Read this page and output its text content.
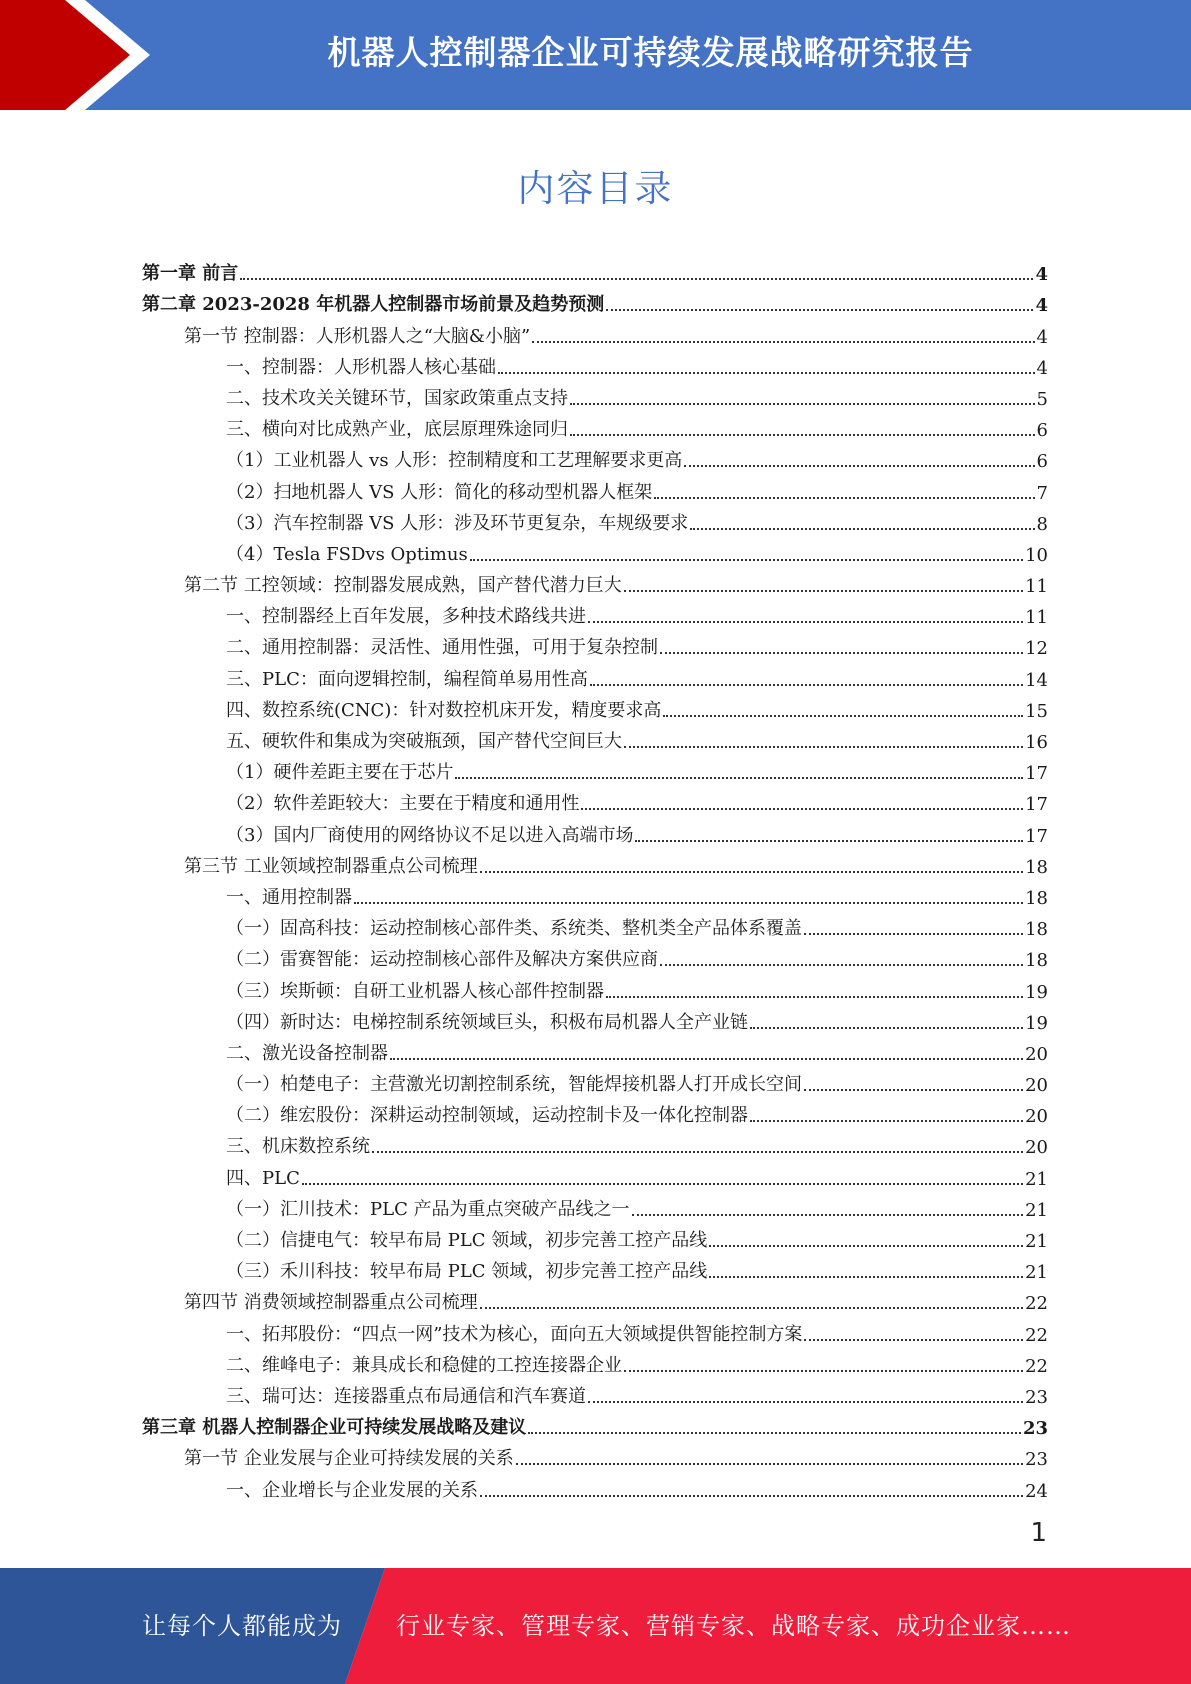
机器人控制器企业可持续发展战略研究报告
内容目录
第一章 前言	4
第二章 2023-2028 年机器人控制器市场前景及趋势预测	4
第一节 控制器：人形机器人之“大脑&小脑”	4
一、控制器：人形机器人核心基础	4
二、技术攻关关键环节，国家政策重点支持	5
三、横向对比成熟产业，底层原理殊途同归	6
（1）工业机器人 vs 人形：控制精度和工艺理解要求更高	6
（2）扫地机器人 VS 人形：简化的移动型机器人框架	7
（3）汽车控制器 VS 人形：涉及环节更复杂，车规级要求	8
（4）Tesla FSDvs Optimus	10
第二节 工控领域：控制器发展成熟，国产替代潜力巨大	11
一、控制器经上百年发展，多种技术路线共进	11
二、通用控制器：灵活性、通用性强，可用于复杂控制	12
三、PLC：面向逻辑控制，编程简单易用性高	14
四、数控系统(CNC)：针对数控机床开发，精度要求高	15
五、硬软件和集成为突破瓶颈，国产替代空间巨大	16
（1）硬件差距主要在于芯片	17
（2）软件差距较大：主要在于精度和通用性	17
（3）国内厂商使用的网络协议不足以进入高端市场	17
第三节 工业领域控制器重点公司梳理	18
一、通用控制器	18
（一）固高科技：运动控制核心部件类、系统类、整机类全产品体系覆盖	18
（二）雷赛智能：运动控制核心部件及解决方案供应商	18
（三）埃斯顿：自研工业机器人核心部件控制器	19
（四）新时达：电梯控制系统领域巨头，积极布局机器人全产业链	19
二、激光设备控制器	20
（一）柏楚电子：主营激光切割控制系统，智能焊接机器人打开成长空间	20
（二）维宏股份：深耕运动控制领域，运动控制卡及一体化控制器	20
三、机床数控系统	20
四、PLC	21
（一）汇川技术：PLC 产品为重点突破产品线之一	21
（二）信捷电气：较早布局 PLC 领域，初步完善工控产品线	21
（三）禾川科技：较早布局 PLC 领域，初步完善工控产品线	21
第四节 消费领域控制器重点公司梳理	22
一、拓邦股份：“四点一网”技术为核心，面向五大领域提供智能控制方案	22
二、维峰电子：兼具成长和稳健的工控连接器企业	22
三、瑞可达：连接器重点布局通信和汽车赛道	23
第三章 机器人控制器企业可持续发展战略及建议	23
第一节 企业发展与企业可持续发展的关系	23
一、企业增长与企业发展的关系	24
1
让每个人都能成为 行业专家、管理专家、营销专家、战略专家、成功企业家……
